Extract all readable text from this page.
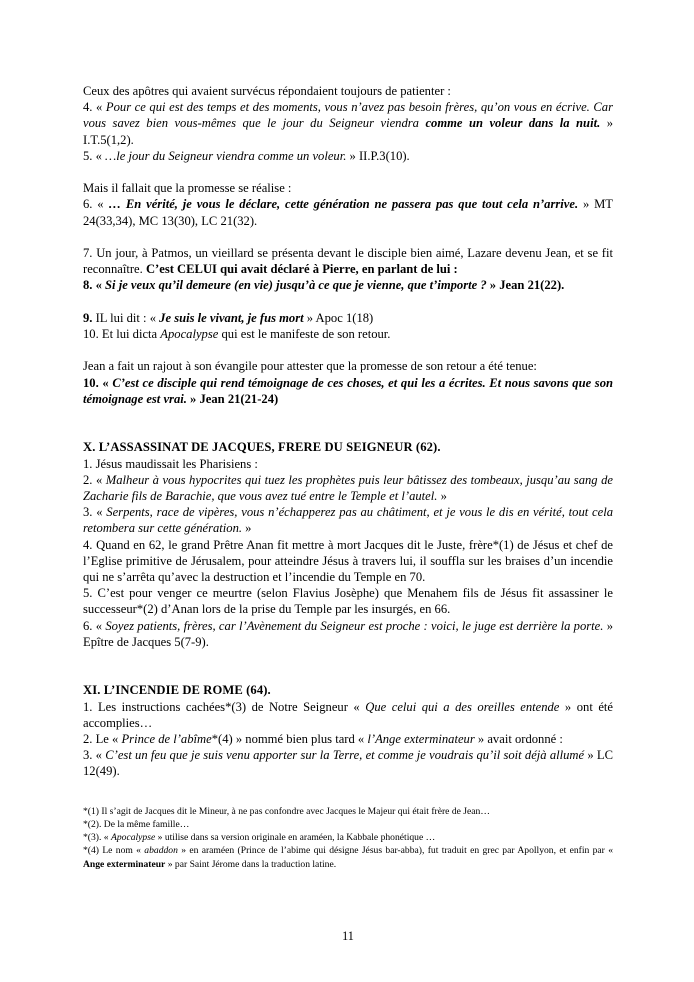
Ceux des apôtres qui avaient survécus répondaient toujours de patienter :

4. « Pour ce qui est des temps et des moments, vous n’avez pas besoin frères, qu’on vous en écrive. Car vous savez bien vous-mêmes que le jour du Seigneur viendra comme un voleur dans la nuit. » I.T.5(1,2).

5. « …le jour du Seigneur viendra comme un voleur. » II.P.3(10).

Mais il fallait que la promesse se réalise :

6. « … En vérité, je vous le déclare, cette génération ne passera pas que tout cela n’arrive. » MT 24(33,34), MC 13(30), LC 21(32).

7. Un jour, à Patmos, un vieillard se présenta devant le disciple bien aimé, Lazare devenu Jean, et se fit reconnaître. C’est CELUI qui avait déclaré à Pierre, en parlant de lui :

8. « Si je veux qu’il demeure (en vie) jusqu’à ce que je vienne, que t’importe ? » Jean 21(22).

9. IL lui dit : « Je suis le vivant, je fus mort » Apoc 1(18)

10. Et lui dicta Apocalypse qui est le manifeste de son retour.

Jean a fait un rajout à son évangile pour attester que la promesse de son retour a été tenue:

10. « C’est ce disciple qui rend témoignage de ces choses, et qui les a écrites. Et nous savons que son témoignage est vrai. » Jean 21(21-24)

X. L’ASSASSINAT DE JACQUES, FRERE DU SEIGNEUR (62).

1. Jésus maudissait les Pharisiens :

2. « Malheur à vous hypocrites qui tuez les prophètes puis leur bâtissez des tombeaux, jusqu’au sang de Zacharie fils de Barachie, que vous avez tué entre le Temple et l’autel. »

3. « Serpents, race de vipères, vous n’échapperez pas au châtiment, et je vous le dis en vérité, tout cela retombera sur cette génération. »

4. Quand en 62, le grand Prêtre Anan fit mettre à mort Jacques dit le Juste, frère*(1) de Jésus et chef de l’Eglise primitive de Jérusalem, pour atteindre Jésus à travers lui, il souffla sur les braises d’un incendie qui ne s’arrêta qu’avec la destruction et l’incendie du Temple en 70.

5. C’est pour venger ce meurtre (selon Flavius Josèphe) que Menahem fils de Jésus fit assassiner le successeur*(2) d’Anan lors de la prise du Temple par les insurgés, en 66.

6. « Soyez patients, frères, car l’Avènement du Seigneur est proche : voici, le juge est derrière la porte. » Epître de Jacques 5(7-9).

XI. L’INCENDIE DE ROME (64).

1. Les instructions cachées*(3) de Notre Seigneur « Que celui qui a des oreilles entende » ont été accomplies…

2. Le « Prince de l’abîme*(4) » nommé bien plus tard « l’Ange exterminateur » avait ordonné :

3. « C’est un feu que je suis venu apporter sur la Terre, et comme je voudrais qu’il soit déjà allumé » LC 12(49).

*(1) Il s’agit de Jacques dit le Mineur, à ne pas confondre avec Jacques le Majeur qui était frère de Jean…

*(2). De la même famille…

*(3). « Apocalypse » utilise dans sa version originale en araméen, la Kabbale phonétique …

*(4) Le nom « abaddon » en araméen (Prince de l’abime qui désigne Jésus bar-abba), fut traduit en grec par Apollyon, et enfin par « Ange exterminateur » par Saint Jérome dans la traduction latine.

11
